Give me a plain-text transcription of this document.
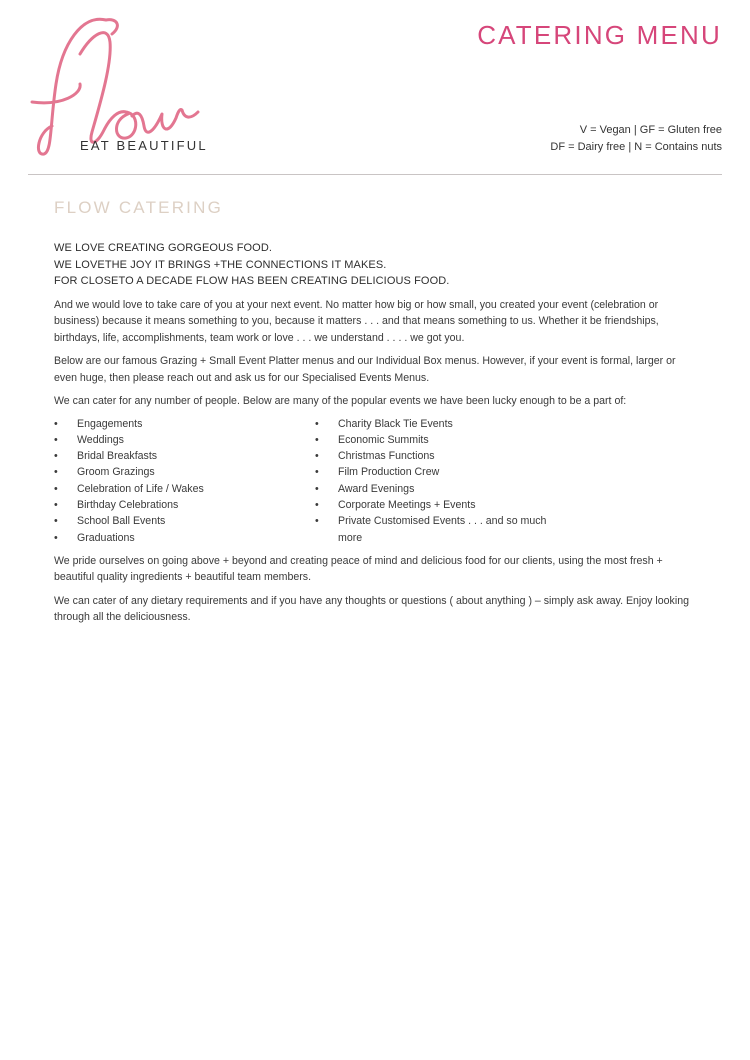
EAT BEAUTIFUL
CATERING MENU
V = Vegan | GF = Gluten free
DF = Dairy free | N = Contains nuts
FLOW CATERING
WE LOVE CREATING GORGEOUS FOOD.
WE LOVETHE JOY IT BRINGS +THE CONNECTIONS IT MAKES.
FOR CLOSETO A DECADE FLOW HAS BEEN CREATING DELICIOUS FOOD.

And we would love to take care of you at your next event. No matter how big or how small, you created your event (celebration or business) because it means something to you, because it matters . . . and that means something to us. Whether it be friendships, birthdays, life, accomplishments, team work or love . . . we understand . . . . we got you.

Below are our famous Grazing + Small Event Platter menus and our Individual Box menus. However, if your event is formal, larger or even huge, then please reach out and ask us for our Specialised Events Menus.

We can cater for any number of people. Below are many of the popular events we have been lucky enough to be a part of:

• Engagements
• Weddings
• Bridal Breakfasts
• Groom Grazings
• Celebration of Life / Wakes
• Birthday Celebrations
• School Ball Events
• Graduations
• Charity Black Tie Events
• Economic Summits
• Christmas Functions
• Film Production Crew
• Award Evenings
• Corporate Meetings + Events
• Private Customised Events . . . and so much more

We pride ourselves on going above + beyond and creating peace of mind and delicious food for our clients, using the most fresh + beautiful quality ingredients + beautiful team members.

We can cater of any dietary requirements and if you have any thoughts or questions ( about anything ) – simply ask away. Enjoy looking through all the deliciousness.
